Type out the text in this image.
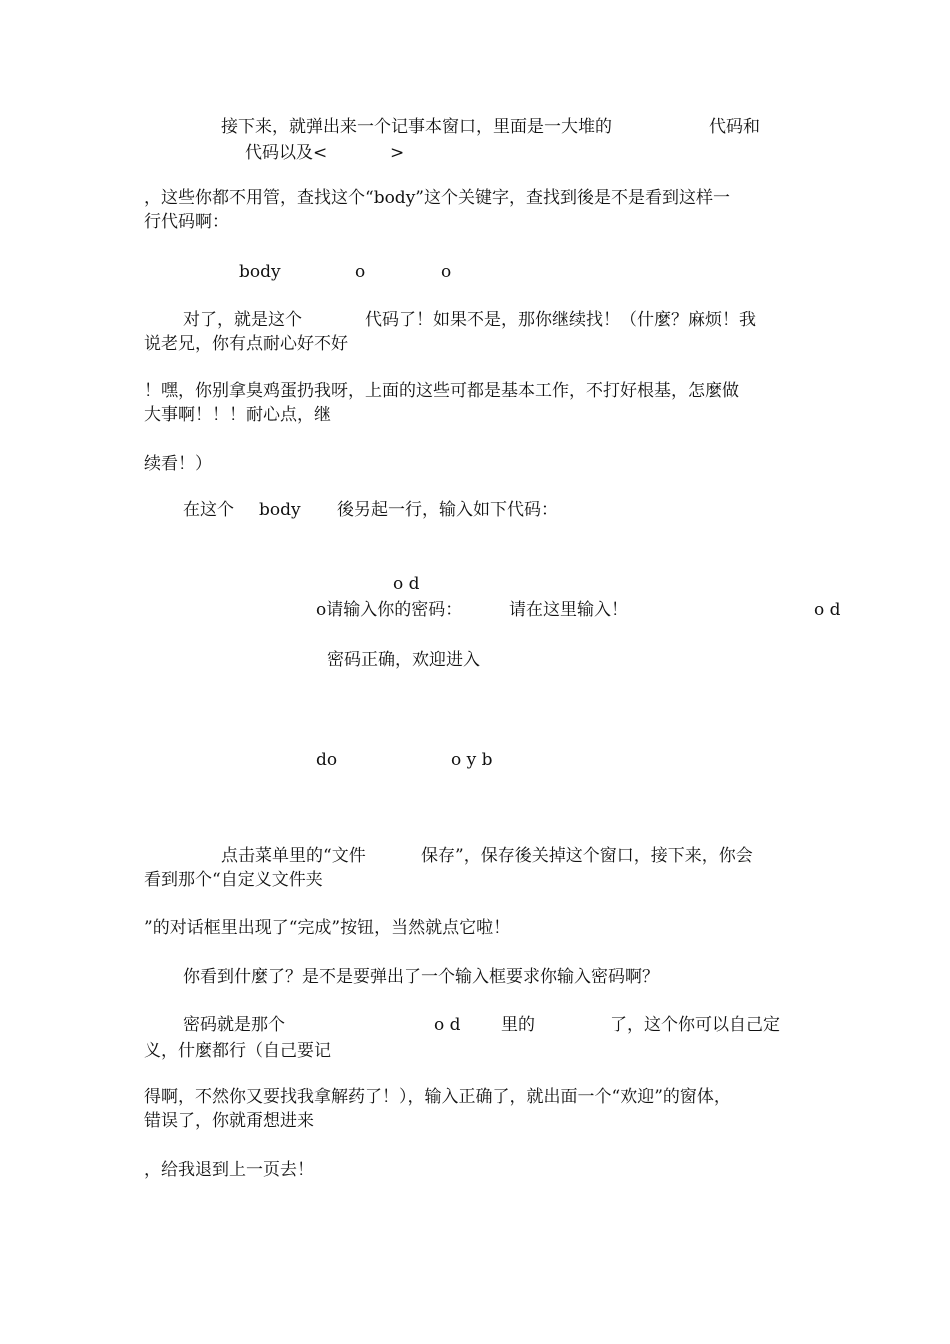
接下来，就弹出来一个记事本窗口，里面是一大堆的	代码和
代码以及<	>
，这些你都不用管，查找这个“body”这个关键字，查找到後是不是看到这样一
行代码啊：
body	o	o
对了，就是这个	代码了！如果不是，那你继续找！（什麼？麻烦！我
说老兄，你有点耐心好不好
！嘿，你别拿臭鸡蛋扔我呀，上面的这些可都是基本工作，不打好根基，怎麼做
大事啊！！！耐心点，继
续看！）
在这个 body 後另起一行，输入如下代码：
o d
o请输入你的密码：	请在这里输入！	o d
密码正确，欢迎进入
do	o y b
点击菜单里的“文件	保存”，保存後关掉这个窗口，接下来，你会
看到那个“自定义文件夹
”的对话框里出现了“完成”按钮，当然就点它啦！
你看到什麼了？是不是要弹出了一个输入框要求你输入密码啊？
密码就是那个	o d 里的	了，这个你可以自己定
义，什麼都行（自己要记
得啊，不然你又要找我拿解药了！），输入正确了，就出面一个“欢迎”的窗体，
错误了，你就甭想进来
，给我退到上一页去！
